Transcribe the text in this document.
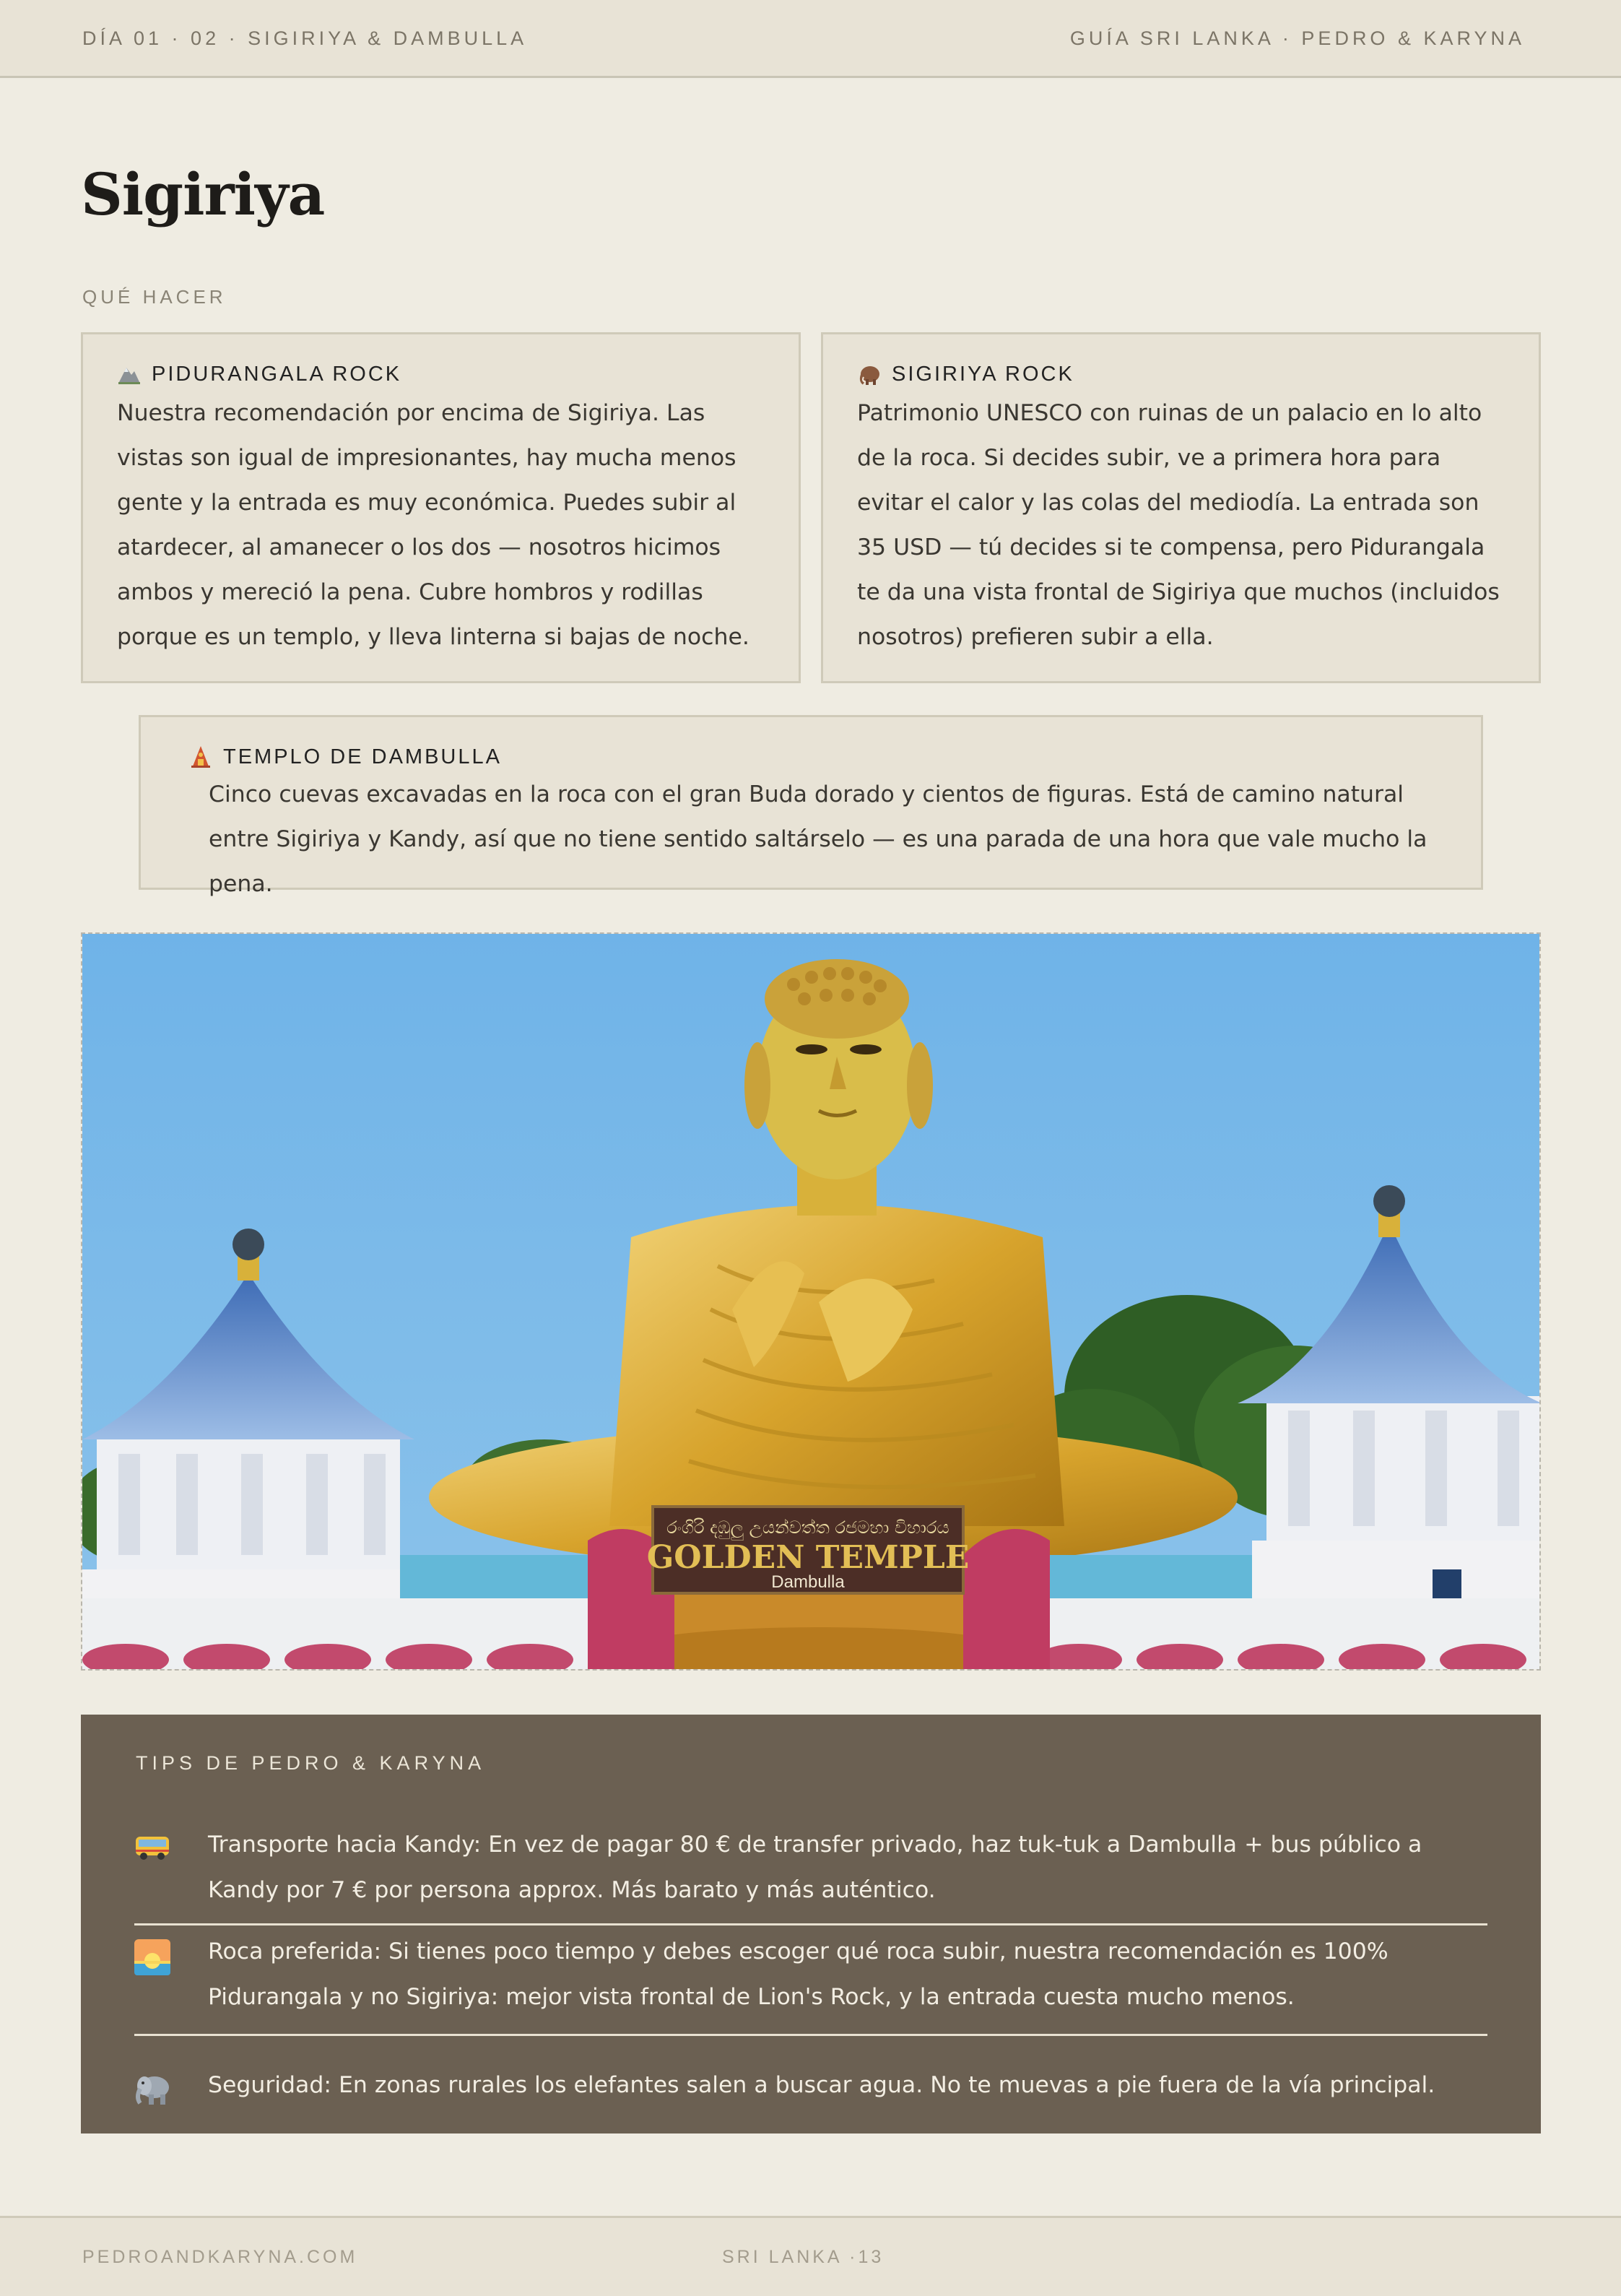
DÍA 01 · 02 · SIGIRIYA & DAMBULLA	GUÍA SRI LANKA · PEDRO & KARYNA
Sigiriya
QUÉ HACER
PIDURANGALA ROCK
Nuestra recomendación por encima de Sigiriya. Las vistas son igual de impresionantes, hay mucha menos gente y la entrada es muy económica. Puedes subir al atardecer, al amanecer o los dos — nosotros hicimos ambos y mereció la pena. Cubre hombros y rodillas porque es un templo, y lleva linterna si bajas de noche.
SIGIRIYA ROCK
Patrimonio UNESCO con ruinas de un palacio en lo alto de la roca. Si decides subir, ve a primera hora para evitar el calor y las colas del mediodía. La entrada son 35 USD — tú decides si te compensa, pero Pidurangala te da una vista frontal de Sigiriya que muchos (incluidos nosotros) prefieren subir a ella.
TEMPLO DE DAMBULLA
Cinco cuevas excavadas en la roca con el gran Buda dorado y cientos de figuras. Está de camino natural entre Sigiriya y Kandy, así que no tiene sentido saltárselo — es una parada de una hora que vale mucho la pena.
රංගිරි දඹුලු උයන්වත්ත රජමහා විහාරය
GOLDEN TEMPLE
Dambulla
TIPS DE PEDRO & KARYNA
Transporte hacia Kandy: En vez de pagar 80 € de transfer privado, haz tuk-tuk a Dambulla + bus público a Kandy por 7 € por persona approx. Más barato y más auténtico.
Roca preferida: Si tienes poco tiempo y debes escoger qué roca subir, nuestra recomendación es 100% Pidurangala y no Sigiriya: mejor vista frontal de Lion's Rock, y la entrada cuesta mucho menos.
Seguridad: En zonas rurales los elefantes salen a buscar agua. No te muevas a pie fuera de la vía principal.
PEDROANDKARYNA.COM	SRI LANKA ·13
